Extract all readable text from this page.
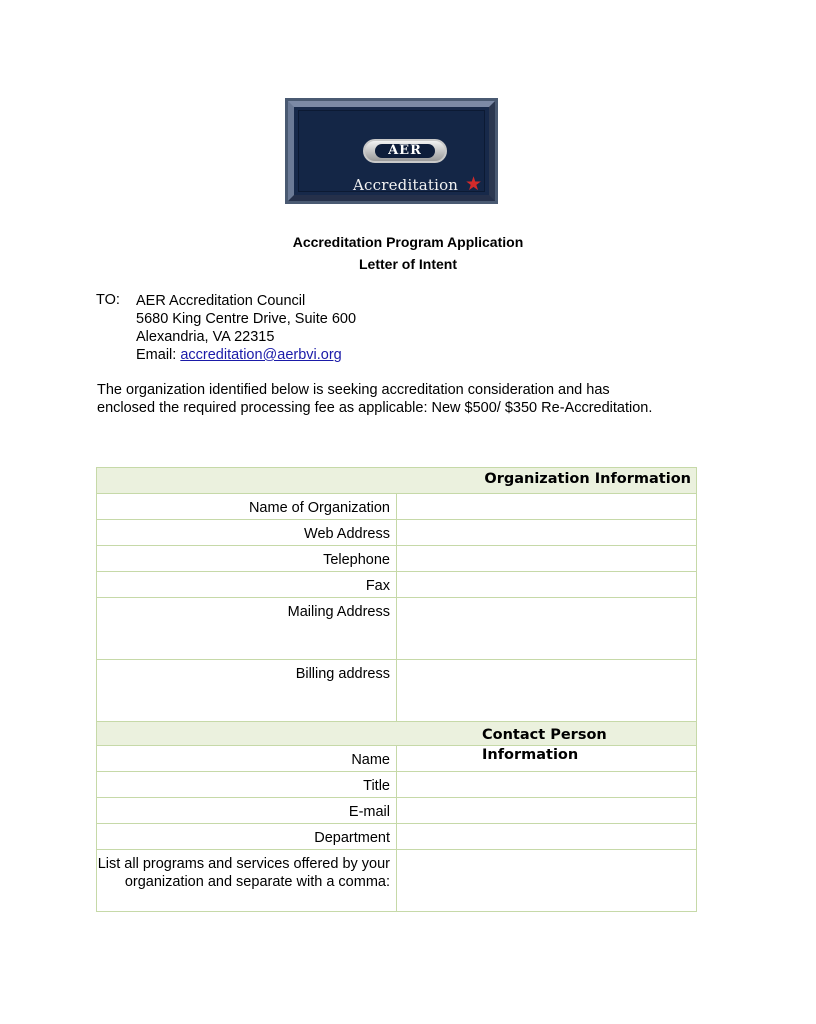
AER
Accreditation ★
Accreditation Program Application
Letter of Intent
TO: AER Accreditation Council
5680 King Centre Drive, Suite 600
Alexandria, VA 22315
Email: accreditation@aerbvi.org
The organization identified below is seeking accreditation consideration and has enclosed the required processing fee as applicable: New $500/ $350 Re-Accreditation.
Organization Information	

Name of Organization	

Web Address	

Telephone	

Fax	

Mailing Address	

Billing address	

Contact Person Information	

Name	

Title	

E-mail	

Department	

List all programs and services offered by your organization and separate with a comma:	
